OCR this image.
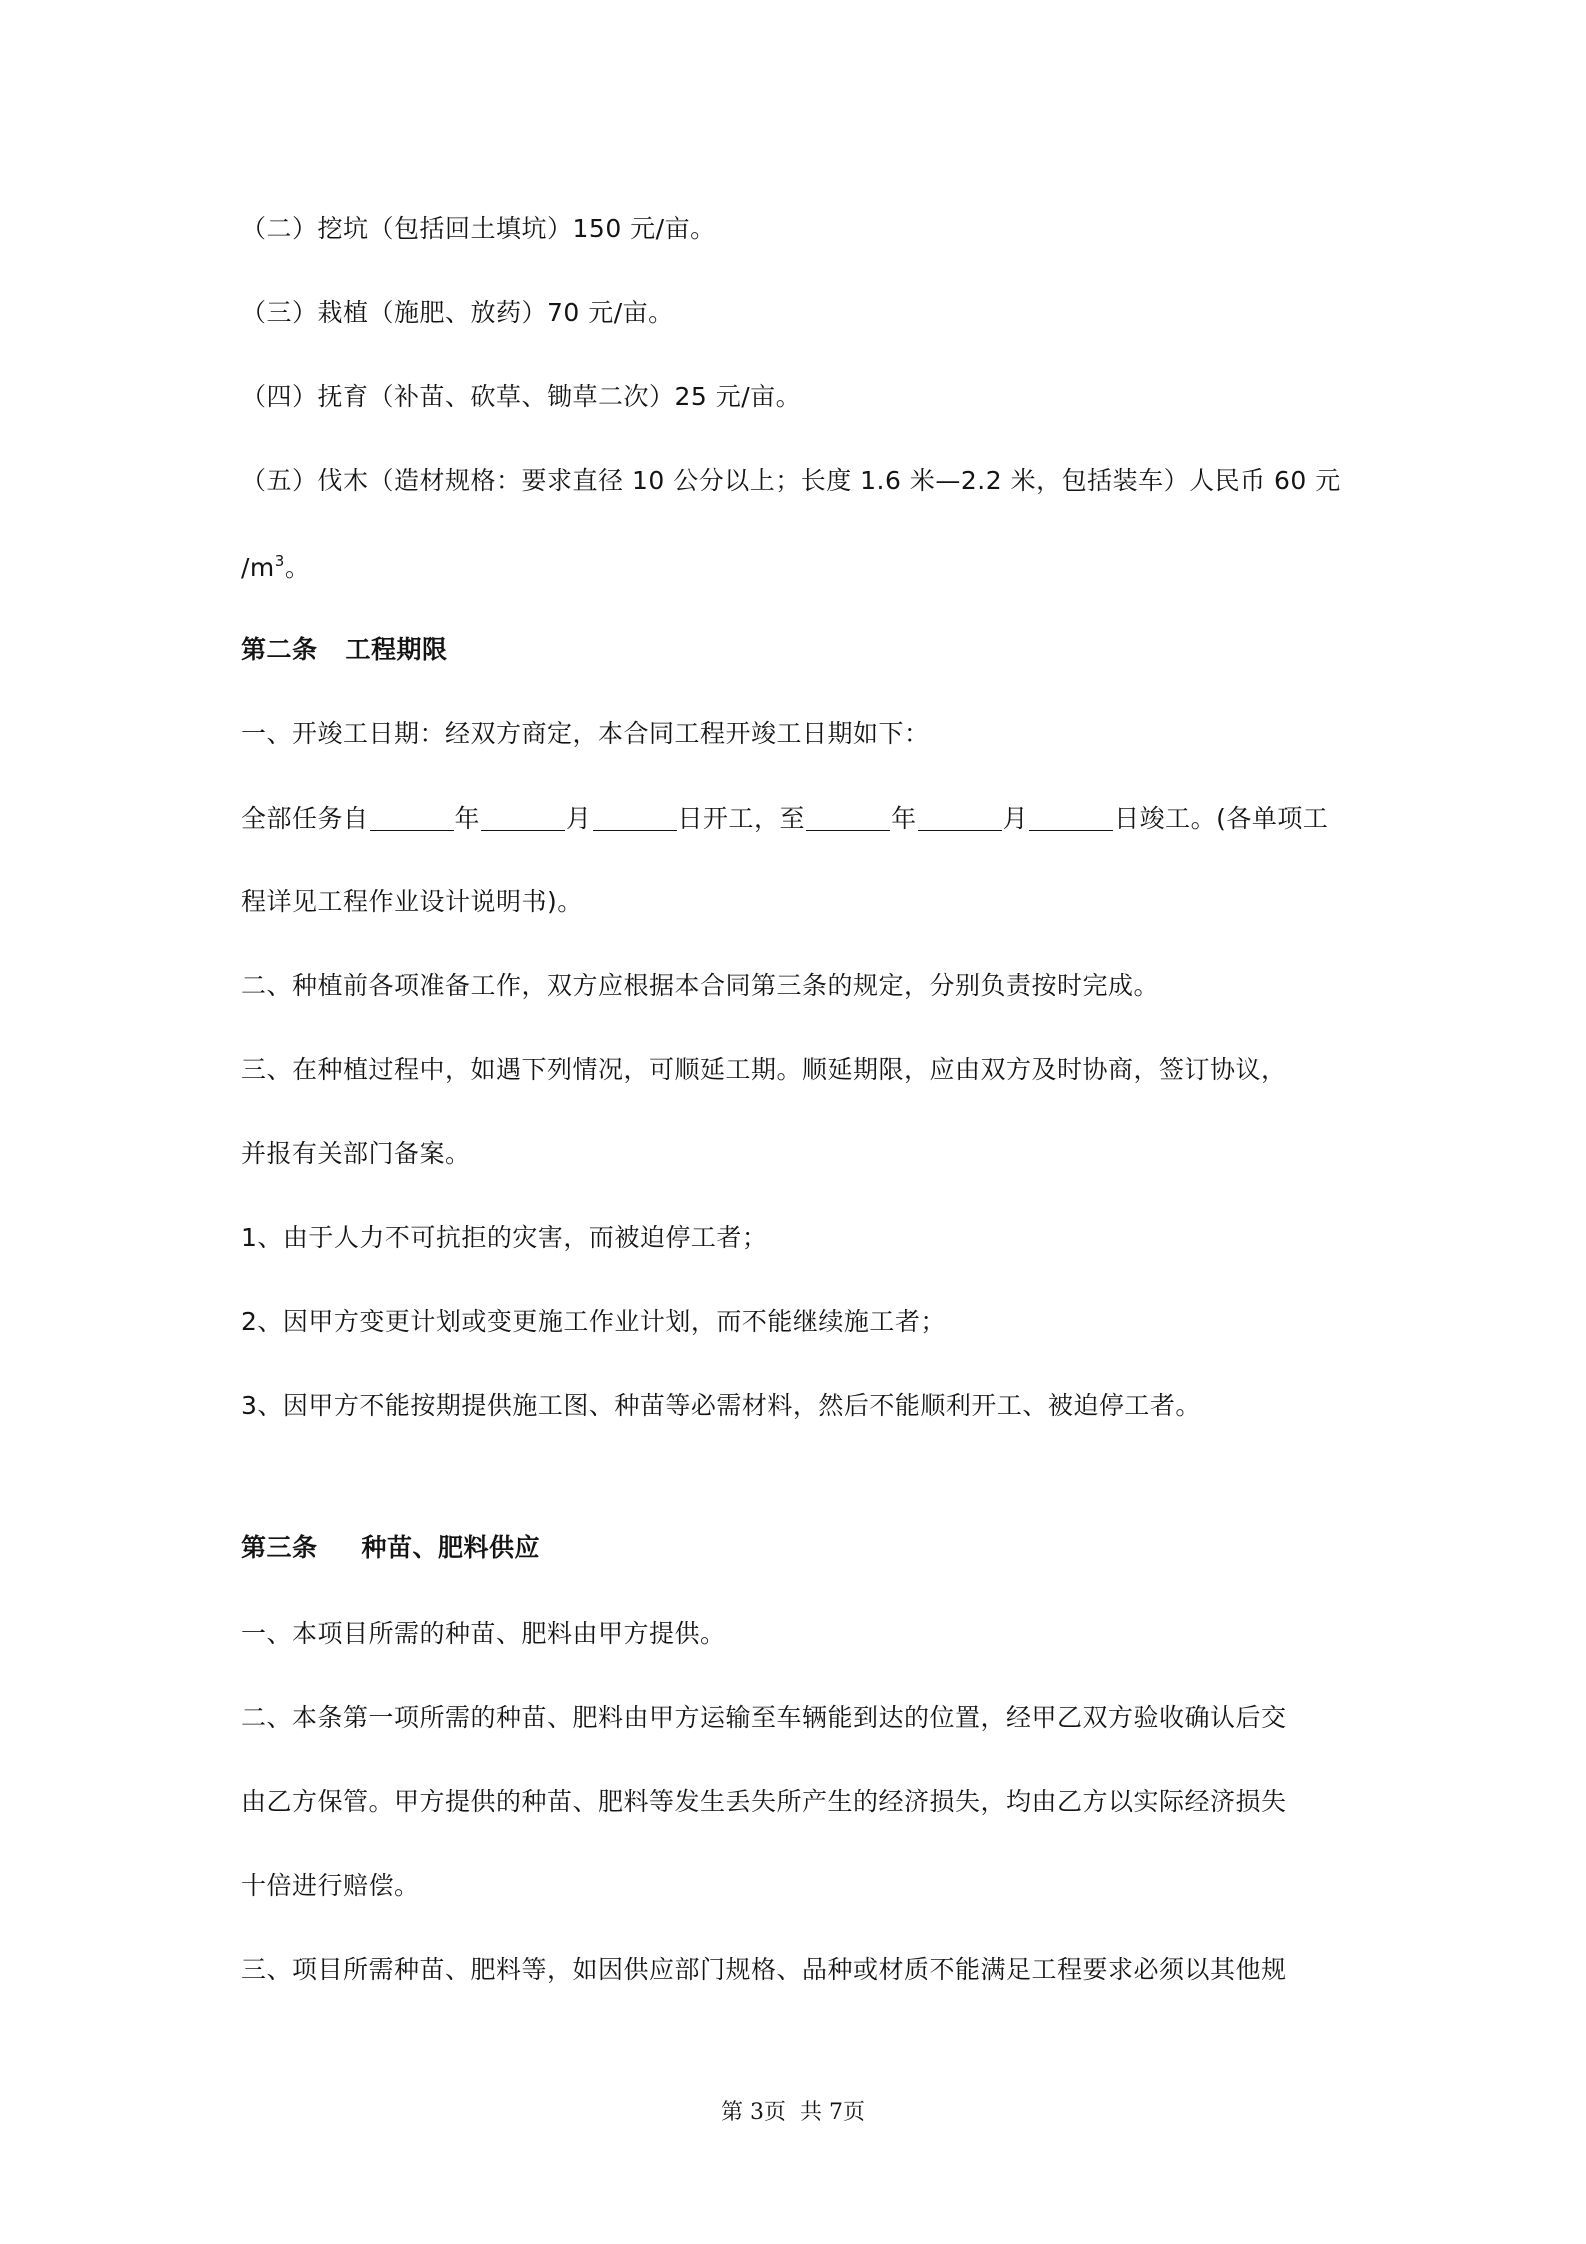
（二）挖坑（包括回土填坑）150 元/亩。
（三）栽植（施肥、放药）70 元/亩。
（四）抚育（补苗、砍草、锄草二次）25 元/亩。
（五）伐木（造材规格：要求直径 10 公分以上；长度 1.6 米—2.2 米，包括装车）人民币 60 元
$/m^3$。
第二条 工程期限
一、开竣工日期：经双方商定，本合同工程开竣工日期如下：
全部任务自	年	月	日开工，至	年	月	日竣工。(各单项工
程详见工程作业设计说明书)。
二、种植前各项准备工作，双方应根据本合同第三条的规定，分别负责按时完成。
三、在种植过程中，如遇下列情况，可顺延工期。顺延期限，应由双方及时协商，签订协议，
并报有关部门备案。
1、由于人力不可抗拒的灾害，而被迫停工者；
2、因甲方变更计划或变更施工作业计划，而不能继续施工者；
3、因甲方不能按期提供施工图、种苗等必需材料，然后不能顺利开工、被迫停工者。
第三条 种苗、肥料供应
一、本项目所需的种苗、肥料由甲方提供。
二、本条第一项所需的种苗、肥料由甲方运输至车辆能到达的位置，经甲乙双方验收确认后交
由乙方保管。甲方提供的种苗、肥料等发生丢失所产生的经济损失，均由乙方以实际经济损失
十倍进行赔偿。
三、项目所需种苗、肥料等，如因供应部门规格、品种或材质不能满足工程要求必须以其他规
第 3页 共 7页
